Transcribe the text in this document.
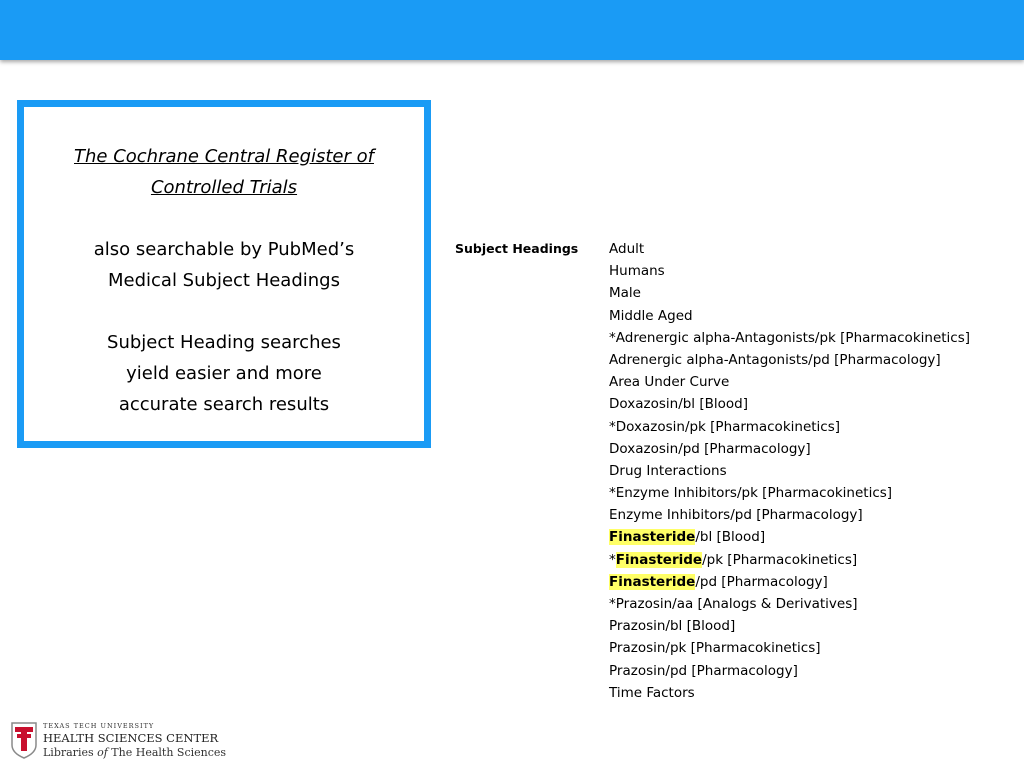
The Cochrane Central Register of
Controlled Trials
also searchable by PubMed’s
Medical Subject Headings
Subject Heading searches
yield easier and more
accurate search results
Subject Headings Adult
Humans
Male
Middle Aged
*Adrenergic alpha-Antagonists/pk [Pharmacokinetics]
Adrenergic alpha-Antagonists/pd [Pharmacology]
Area Under Curve
Doxazosin/bl [Blood]
*Doxazosin/pk [Pharmacokinetics]
Doxazosin/pd [Pharmacology]
Drug Interactions
*Enzyme Inhibitors/pk [Pharmacokinetics]
Enzyme Inhibitors/pd [Pharmacology]
Finasteride/bl [Blood]
*Finasteride/pk [Pharmacokinetics]
Finasteride/pd [Pharmacology]
*Prazosin/aa [Analogs & Derivatives]
Prazosin/bl [Blood]
Prazosin/pk [Pharmacokinetics]
Prazosin/pd [Pharmacology]
Time Factors
TEXAS TECH UNIVERSITY
HEALTH SCIENCES CENTER
Libraries of The Health Sciences
